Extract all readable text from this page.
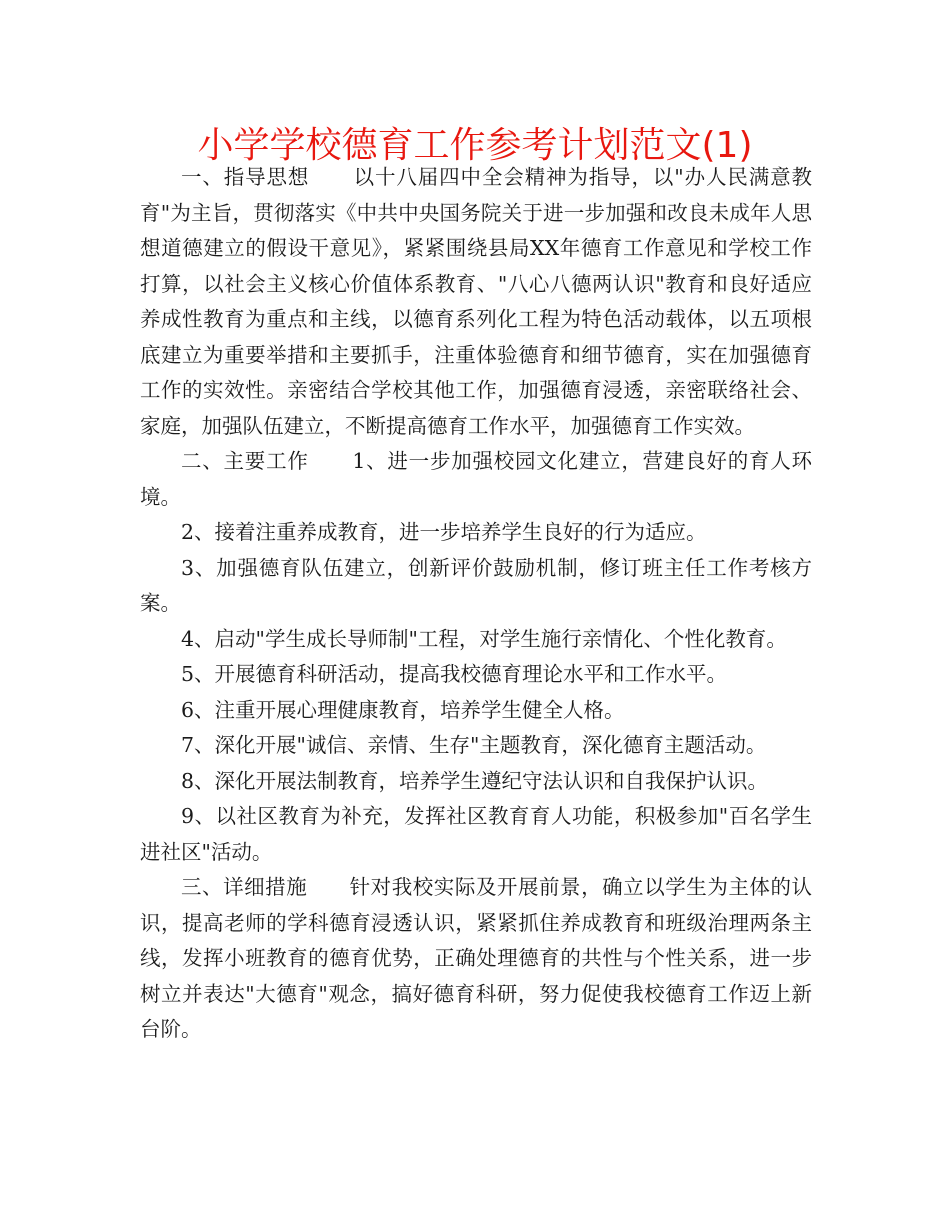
小学学校德育工作参考计划范文(1)

一、指导思想 以十八届四中全会精神为指导，以"办人民满意教育"为主旨，贯彻落实《中共中央国务院关于进一步加强和改良未成年人思想道德建立的假设干意见》，紧紧围绕县局XX年德育工作意见和学校工作打算，以社会主义核心价值体系教育、"八心八德两认识"教育和良好适应养成性教育为重点和主线，以德育系列化工程为特色活动载体，以五项根底建立为重要举措和主要抓手，注重体验德育和细节德育，实在加强德育工作的实效性。亲密结合学校其他工作，加强德育浸透，亲密联络社会、家庭，加强队伍建立，不断提高德育工作水平，加强德育工作实效。

二、主要工作 1、进一步加强校园文化建立，营建良好的育人环境。

2、接着注重养成教育，进一步培养学生良好的行为适应。

3、加强德育队伍建立，创新评价鼓励机制，修订班主任工作考核方案。

4、启动"学生成长导师制"工程，对学生施行亲情化、个性化教育。

5、开展德育科研活动，提高我校德育理论水平和工作水平。

6、注重开展心理健康教育，培养学生健全人格。

7、深化开展"诚信、亲情、生存"主题教育，深化德育主题活动。

8、深化开展法制教育，培养学生遵纪守法认识和自我保护认识。

9、以社区教育为补充，发挥社区教育育人功能，积极参加"百名学生进社区"活动。

三、详细措施 针对我校实际及开展前景，确立以学生为主体的认识，提高老师的学科德育浸透认识，紧紧抓住养成教育和班级治理两条主线，发挥小班教育的德育优势，正确处理德育的共性与个性关系，进一步树立并表达"大德育"观念，搞好德育科研，努力促使我校德育工作迈上新台阶。
